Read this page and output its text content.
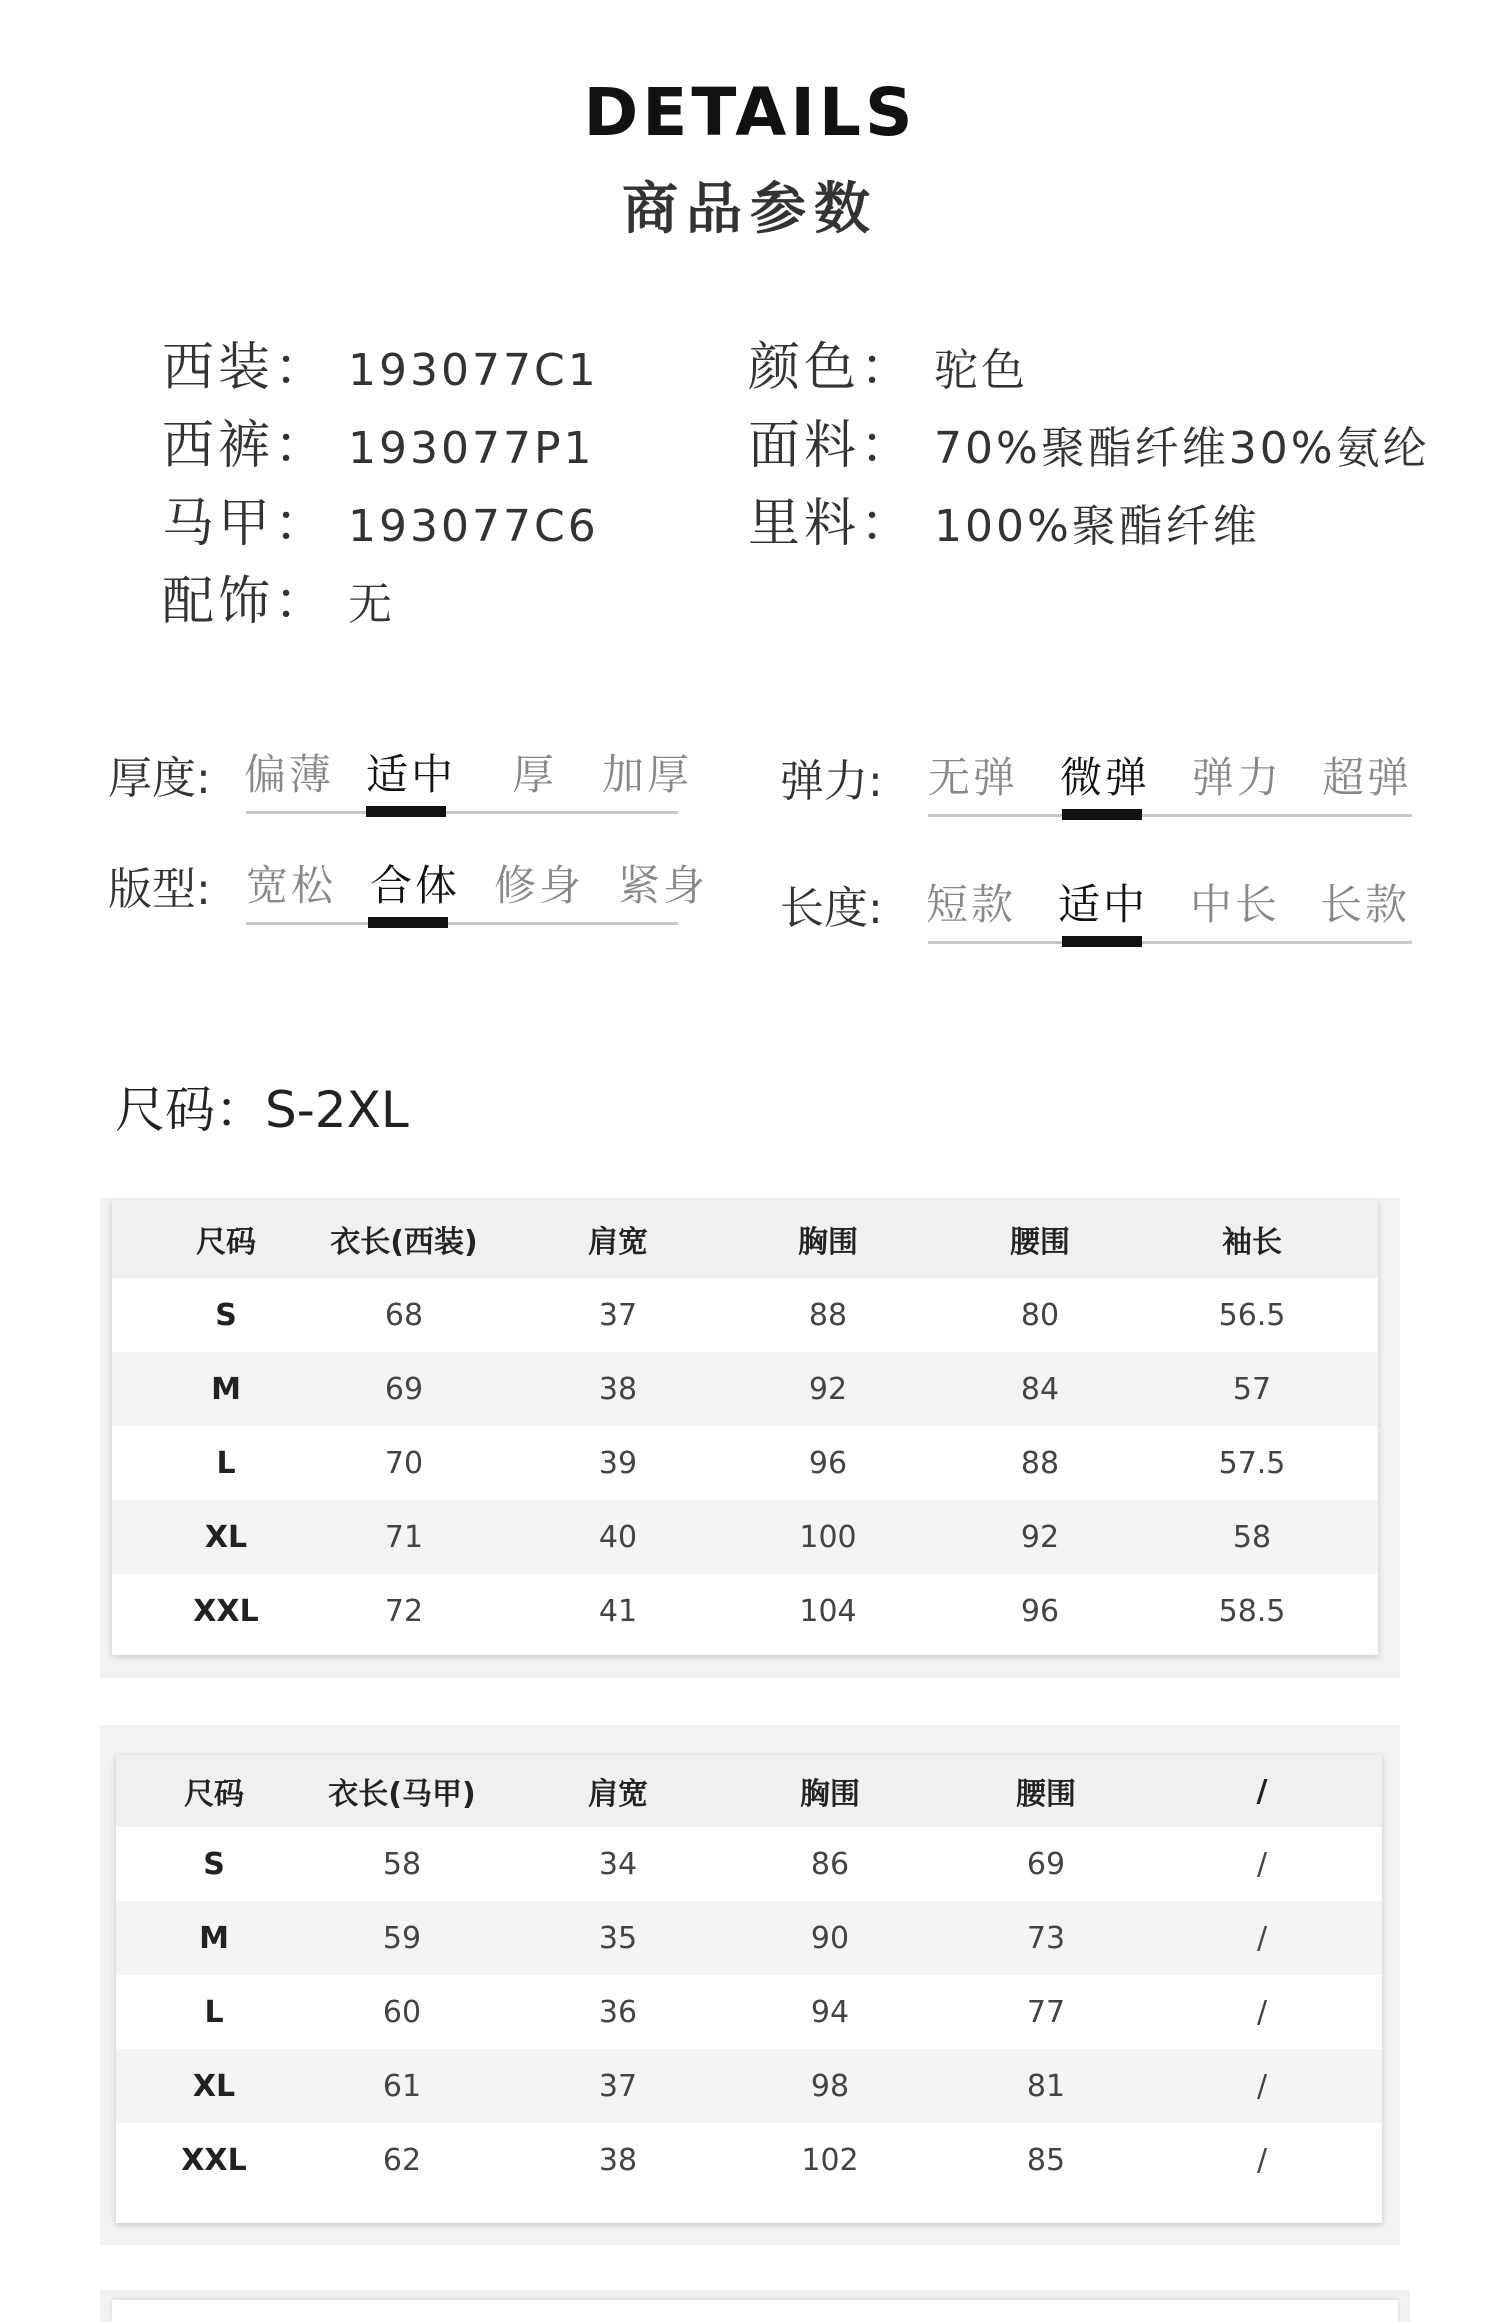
DETAILS
商品参数
西装： 193077C1
西裤： 193077P1
马甲： 193077C6
配饰： 无
颜色： 驼色
面料： 70%聚酯纤维30%氨纶
里料： 100%聚酯纤维
厚度: 偏薄 适中 厚 加厚
版型: 宽松 合体 修身 紧身
弹力: 无弹 微弹 弹力 超弹
长度: 短款 适中 中长 长款
尺码：S-2XL
尺码 衣长(西装)	肩宽	胸围	腰围	袖长
S	68	37	88	80	56.5
M	69	38	92	84	57
L	70	39	96	88	57.5
XL	71	40	100	92	58
XXL	72	41	104	96	58.5
尺码	衣长(马甲)	肩宽	胸围	腰围	/
S	58	34	86	69	/
M	59	35	90	73	/
L	60	36	94	77	/
XL	61	37	98	81	/
XXL	62	38	102	85	/
